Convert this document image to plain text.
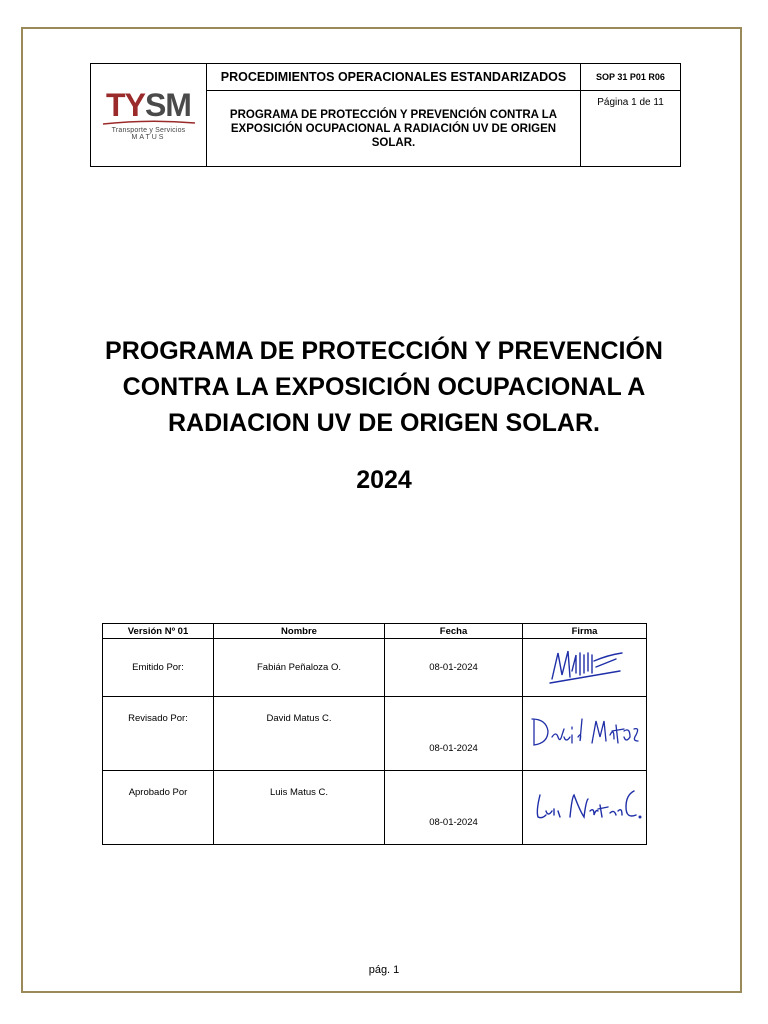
TYSM
Transporte y Servicios
MATUS	PROCEDIMIENTOS OPERACIONALES ESTANDARIZADOS	SOP 31 P01 R06
	PROGRAMA DE PROTECCIÓN Y PREVENCIÓN CONTRA LA EXPOSICIÓN OCUPACIONAL A RADIACIÓN UV DE ORIGEN SOLAR.	Página 1 de 11
PROGRAMA DE PROTECCIÓN Y PREVENCIÓN CONTRA LA EXPOSICIÓN OCUPACIONAL A RADIACION UV DE ORIGEN SOLAR.
2024
Versión Nº 01	Nombre	Fecha	Firma
Emitido Por:	Fabián Peñaloza O.	08-01-2024	
Revisado Por:	David Matus C.	08-01-2024	
Aprobado Por	Luis Matus C.	08-01-2024	
pág. 1
